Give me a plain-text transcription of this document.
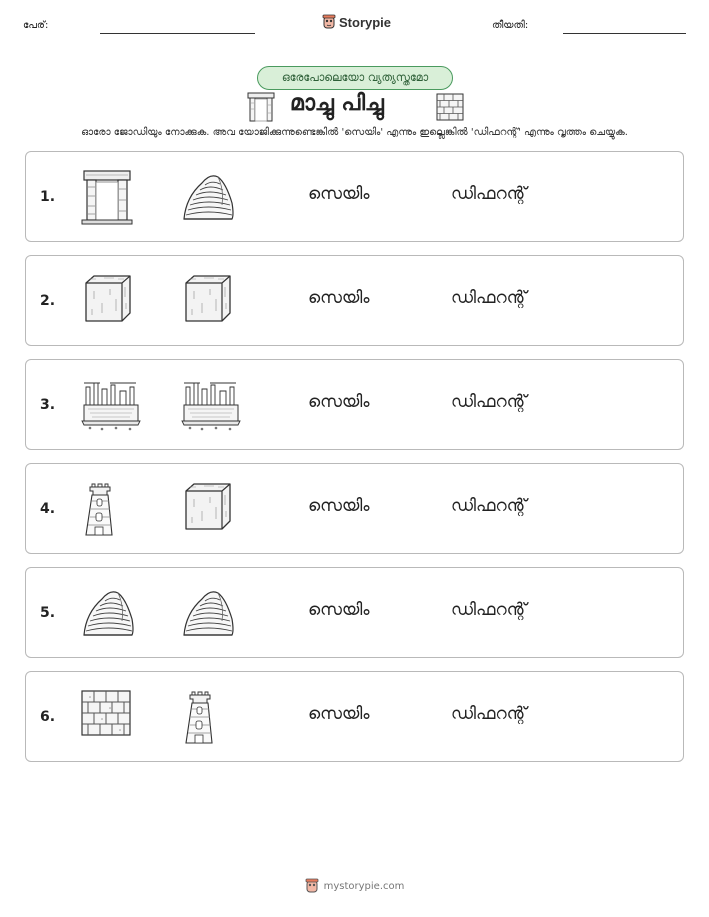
പേര്:	Storypie	തീയതി:
ഒരേപോലെയോ വ്യത്യസ്തമോ
മാച്ചു പിച്ചു
ഓരോ ജോഡിയും നോക്കുക. അവ യോജിക്കുന്നുണ്ടെങ്കിൽ 'സെയിം' എന്നും ഇല്ലെങ്കിൽ 'ഡിഫറന്റ്' എന്നും വൃത്തം ചെയ്യുക.
1.	സെയിം	ഡിഫറന്റ്
2.	സെയിം	ഡിഫറന്റ്
3.	സെയിം	ഡിഫറന്റ്
4.	സെയിം	ഡിഫറന്റ്
5.	സെയിം	ഡിഫറന്റ്
6.	സെയിം	ഡിഫറന്റ്
mystorypie.com
